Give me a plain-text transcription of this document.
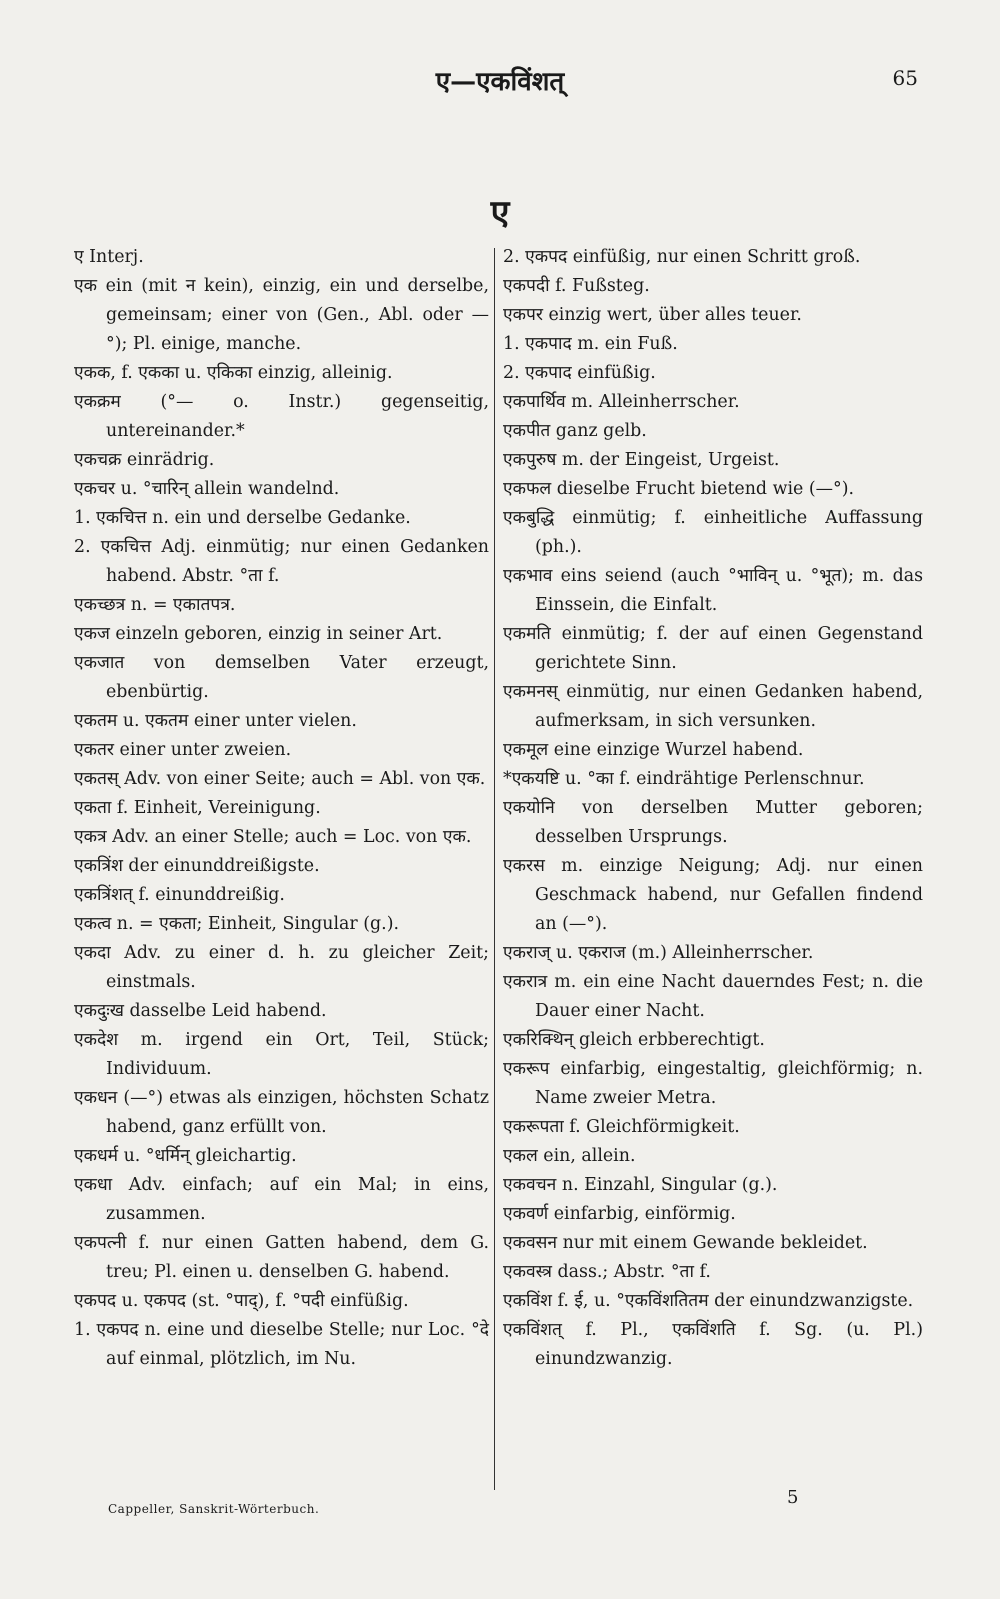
ए—एकविंशत्	65
ए

ए Interj.

एक ein (mit न kein), einzig, ein und derselbe, gemeinsam; einer von (Gen., Abl. oder —°); Pl. einige, manche.

एकक, f. एकका u. एकिका einzig, alleinig.

एकक्रम (°— o. Instr.) gegenseitig, untereinander.*

एकचक्र einrädrig.

एकचर u. °चारिन् allein wandelnd.

1. एकचित्त n. ein und derselbe Gedanke.

2. एकचित्त Adj. einmütig; nur einen Gedanken habend. Abstr. °ता f.

एकच्छत्र n. = एकातपत्र.

एकज einzeln geboren, einzig in seiner Art.

एकजात von demselben Vater erzeugt, ebenbürtig.

एकतम u. एकतम einer unter vielen.

एकतर einer unter zweien.

एकतस् Adv. von einer Seite; auch = Abl. von एक.

एकता f. Einheit, Vereinigung.

एकत्र Adv. an einer Stelle; auch = Loc. von एक.

एकत्रिंश der einunddreißigste.

एकत्रिंशत् f. einunddreißig.

एकत्व n. = एकता; Einheit, Singular (g.).

एकदा Adv. zu einer d. h. zu gleicher Zeit; einstmals.

एकदुःख dasselbe Leid habend.

एकदेश m. irgend ein Ort, Teil, Stück; Individuum.

एकधन (—°) etwas als einzigen, höchsten Schatz habend, ganz erfüllt von.

एकधर्म u. °धर्मिन् gleichartig.

एकधा Adv. einfach; auf ein Mal; in eins, zusammen.

एकपत्नी f. nur einen Gatten habend, dem G. treu; Pl. einen u. denselben G. habend.

एकपद u. एकपद (st. °पाद्), f. °पदी einfüßig.

1. एकपद n. eine und dieselbe Stelle; nur Loc. °दे auf einmal, plötzlich, im Nu.

2. एकपद einfüßig, nur einen Schritt groß.

एकपदी f. Fußsteg.

एकपर einzig wert, über alles teuer.

1. एकपाद m. ein Fuß.

2. एकपाद einfüßig.

एकपार्थिव m. Alleinherrscher.

एकपीत ganz gelb.

एकपुरुष m. der Eingeist, Urgeist.

एकफल dieselbe Frucht bietend wie (—°).

एकबुद्धि einmütig; f. einheitliche Auffassung (ph.).

एकभाव eins seiend (auch °भाविन् u. °भूत); m. das Einssein, die Einfalt.

एकमति einmütig; f. der auf einen Gegenstand gerichtete Sinn.

एकमनस् einmütig, nur einen Gedanken habend, aufmerksam, in sich versunken.

एकमूल eine einzige Wurzel habend.

*एकयष्टि u. °का f. eindrähtige Perlenschnur.

एकयोनि von derselben Mutter geboren; desselben Ursprungs.

एकरस m. einzige Neigung; Adj. nur einen Geschmack habend, nur Gefallen findend an (—°).

एकराज् u. एकराज (m.) Alleinherrscher.

एकरात्र m. ein eine Nacht dauerndes Fest; n. die Dauer einer Nacht.

एकरिक्थिन् gleich erbberechtigt.

एकरूप einfarbig, eingestaltig, gleichförmig; n. Name zweier Metra.

एकरूपता f. Gleichförmigkeit.

एकल ein, allein.

एकवचन n. Einzahl, Singular (g.).

एकवर्ण einfarbig, einförmig.

एकवसन nur mit einem Gewande bekleidet.

एकवस्त्र dass.; Abstr. °ता f.

एकविंश f. ई, u. °एकविंशतितम der einundzwanzigste.

एकविंशत् f. Pl., एकविंशति f. Sg. (u. Pl.) einundzwanzig.

Cappeller, Sanskrit-Wörterbuch.
5
